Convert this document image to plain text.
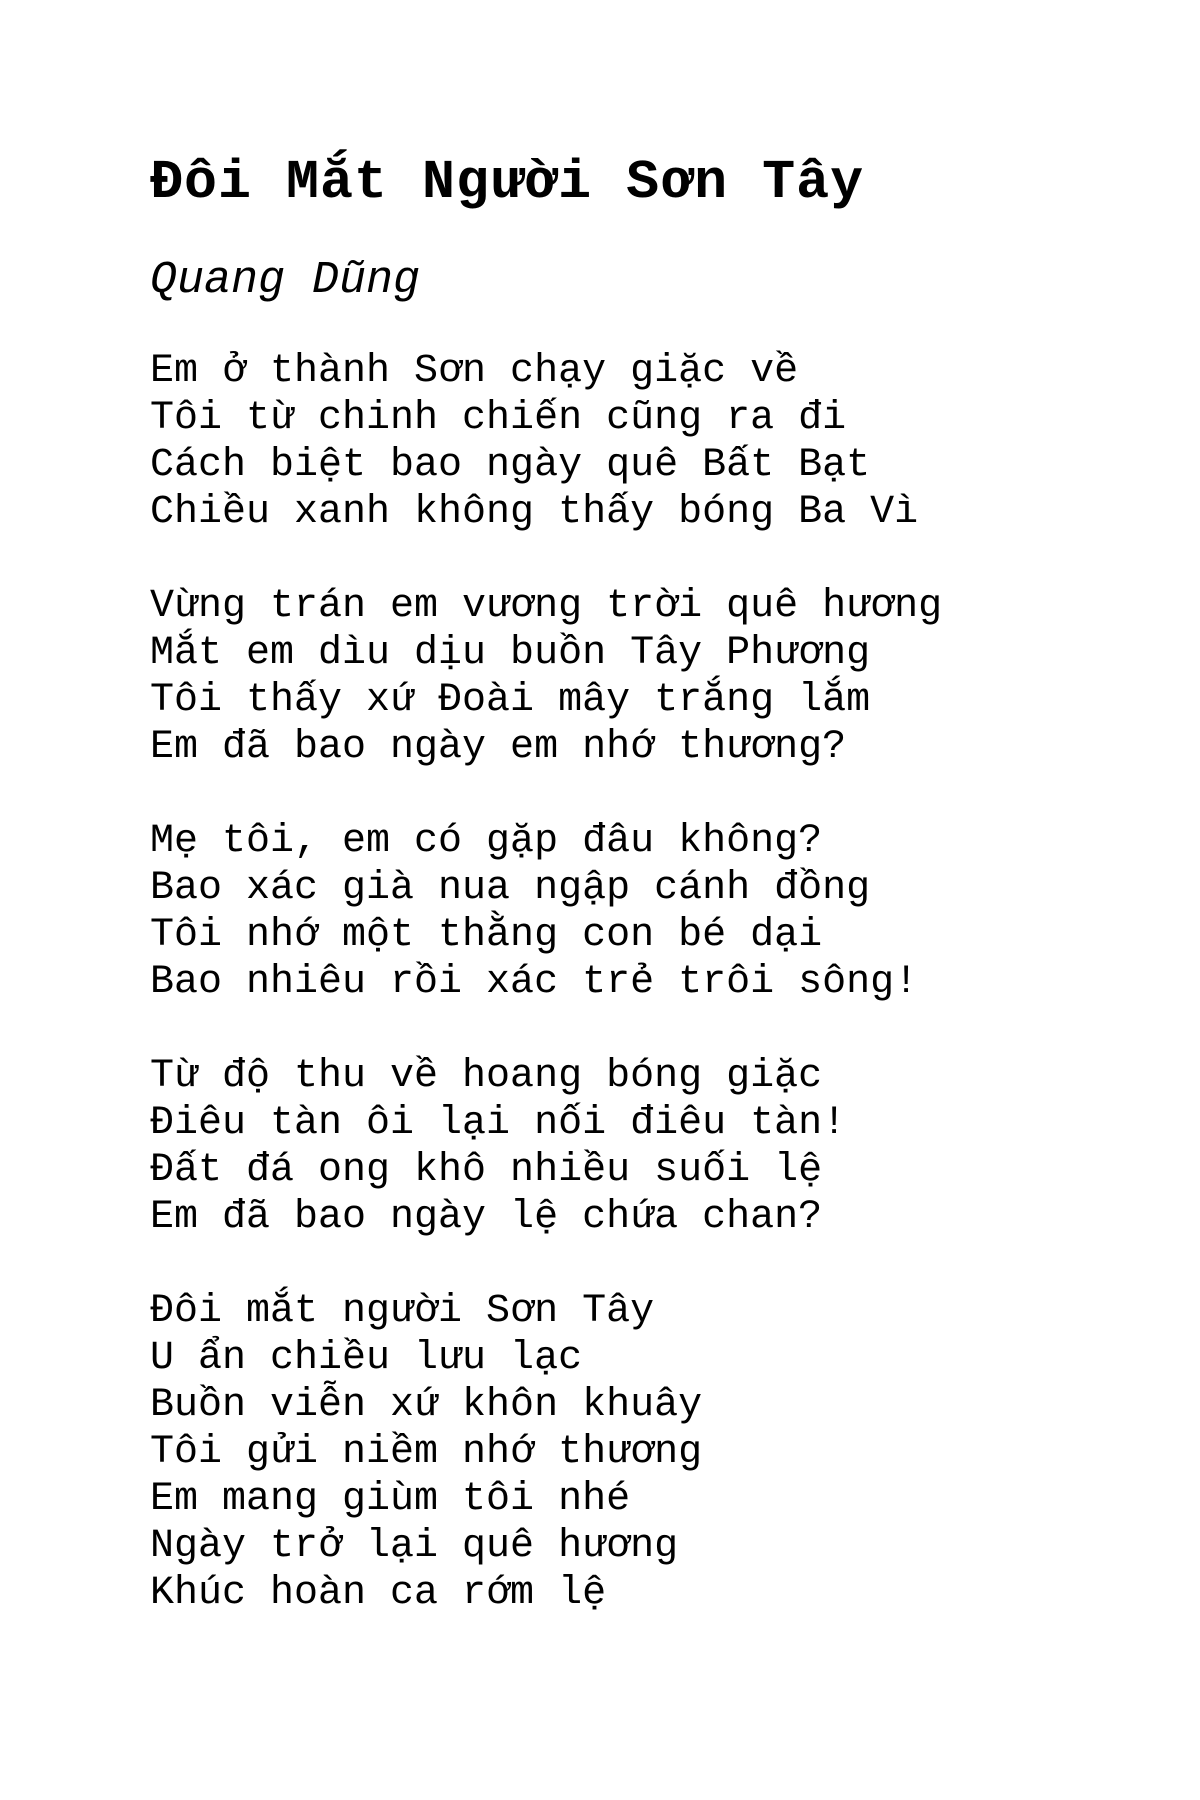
Đôi Mắt Người Sơn Tây
Quang Dũng
Em ở thành Sơn chạy giặc về
Tôi từ chinh chiến cũng ra đi
Cách biệt bao ngày quê Bất Bạt
Chiều xanh không thấy bóng Ba Vì
Vừng trán em vương trời quê hương
Mắt em dìu dịu buồn Tây Phương
Tôi thấy xứ Đoài mây trắng lắm
Em đã bao ngày em nhớ thương?
Mẹ tôi, em có gặp đâu không?
Bao xác già nua ngập cánh đồng
Tôi nhớ một thằng con bé dại
Bao nhiêu rồi xác trẻ trôi sông!
Từ độ thu về hoang bóng giặc
Điêu tàn ôi lại nối điêu tàn!
Đất đá ong khô nhiều suối lệ
Em đã bao ngày lệ chứa chan?
Đôi mắt người Sơn Tây
U ẩn chiều lưu lạc
Buồn viễn xứ khôn khuây
Tôi gửi niềm nhớ thương
Em mang giùm tôi nhé
Ngày trở lại quê hương
Khúc hoàn ca rớm lệ
